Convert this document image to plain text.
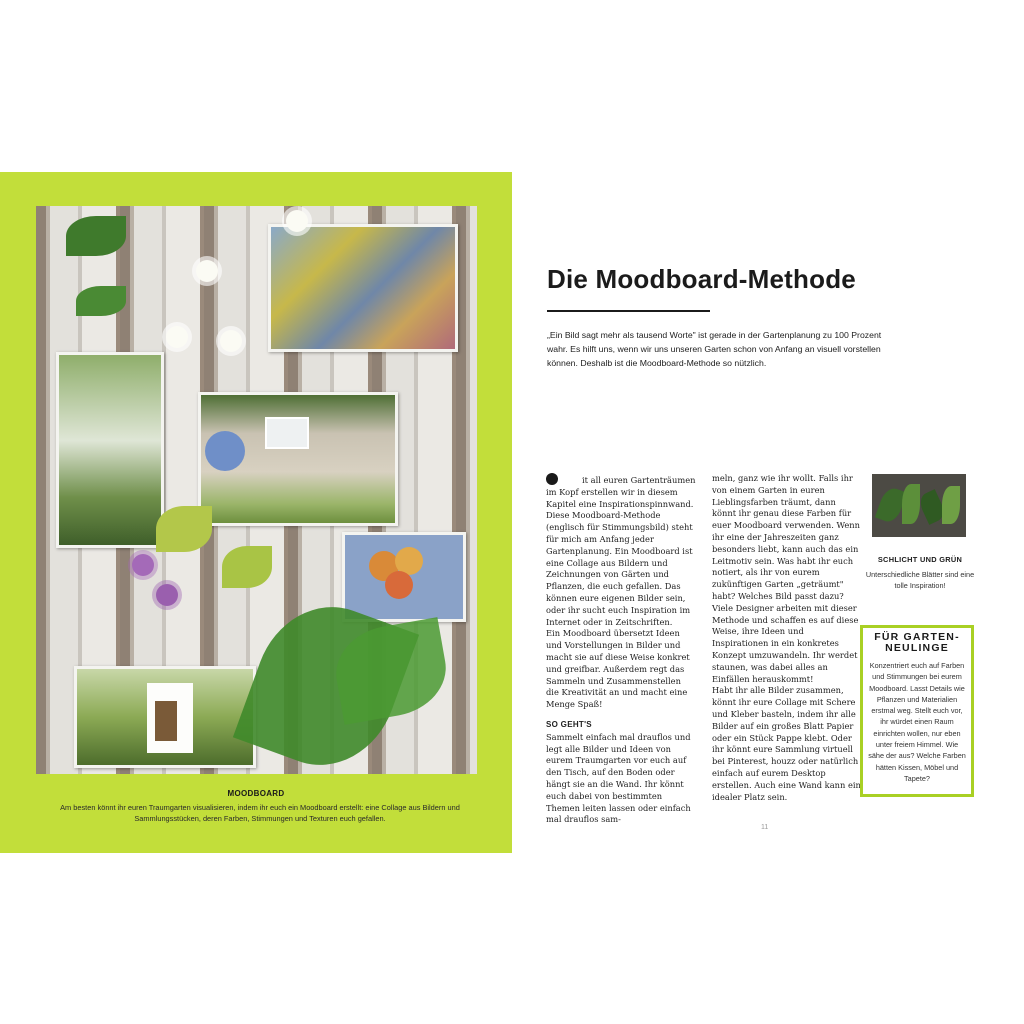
MOODBOARD
Am besten könnt ihr euren Traumgarten visualisieren, indem ihr euch ein Moodboard erstellt: eine Collage aus Bildern und Sammlungsstücken, deren Farben, Stimmungen und Texturen euch gefallen.
Die Moodboard-Methode
„Ein Bild sagt mehr als tausend Worte" ist gerade in der Gartenplanung zu 100 Prozent wahr. Es hilft uns, wenn wir uns unseren Garten schon von Anfang an visuell vorstellen können. Deshalb ist die Moodboard-Methode so nützlich.

it all euren Gartenträumen im Kopf erstellen wir in diesem Kapitel eine Inspirationspinnwand. Diese Moodboard-Methode (englisch für Stimmungsbild) steht für mich am Anfang jeder Gartenplanung. Ein Moodboard ist eine Collage aus Bildern und Zeichnungen von Gärten und Pflanzen, die euch gefallen. Das können eure eigenen Bilder sein, oder ihr sucht euch Inspiration im Internet oder in Zeitschriften.

Ein Moodboard übersetzt Ideen und Vorstellungen in Bilder und macht sie auf diese Weise konkret und greifbar. Außerdem regt das Sammeln und Zusammenstellen die Kreativität an und macht eine Menge Spaß!

SO GEHT'S

Sammelt einfach mal drauflos und legt alle Bilder und Ideen von eurem Traumgarten vor euch auf den Tisch, auf den Boden oder hängt sie an die Wand. Ihr könnt euch dabei von bestimmten Themen leiten lassen oder einfach mal drauflos sam-

meln, ganz wie ihr wollt. Falls ihr von einem Garten in euren Lieblingsfarben träumt, dann könnt ihr genau diese Farben für euer Moodboard verwenden. Wenn ihr eine der Jahreszeiten ganz besonders liebt, kann auch das ein Leitmotiv sein. Was habt ihr euch notiert, als ihr von eurem zukünftigen Garten „geträumt" habt? Welches Bild passt dazu?

Viele Designer arbeiten mit dieser Methode und schaffen es auf diese Weise, ihre Ideen und Inspirationen in ein konkretes Konzept umzuwandeln. Ihr werdet staunen, was dabei alles an Einfällen herauskommt!

Habt ihr alle Bilder zusammen, könnt ihr eure Collage mit Schere und Kleber basteln, indem ihr alle Bilder auf ein großes Blatt Papier oder ein Stück Pappe klebt. Oder ihr könnt eure Sammlung virtuell bei Pinterest, houzz oder natürlich einfach auf eurem Desktop erstellen. Auch eine Wand kann ein idealer Platz sein.

SCHLICHT UND GRÜN
Unterschiedliche Blätter sind eine tolle Inspiration!
FÜR GARTEN-NEULINGE
Konzentriert euch auf Farben und Stimmungen bei eurem Moodboard. Lasst Details wie Pflanzen und Materialien erstmal weg. Stellt euch vor, ihr würdet einen Raum einrichten wollen, nur eben unter freiem Himmel. Wie sähe der aus? Welche Farben hätten Kissen, Möbel und Tapete?
11
